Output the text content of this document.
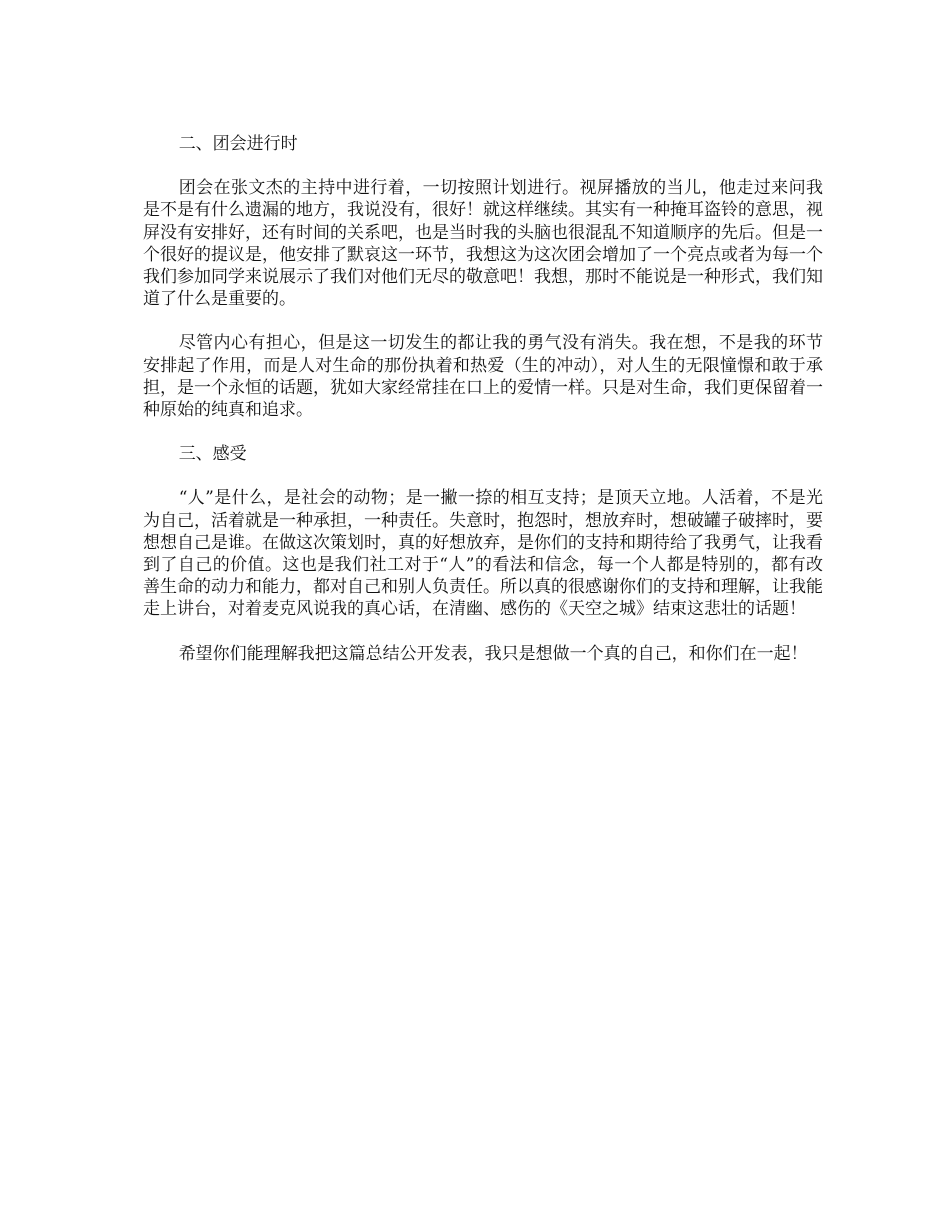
二、团会进行时

团会在张文杰的主持中进行着，一切按照计划进行。视屏播放的当儿，他走过来问我是不是有什么遗漏的地方，我说没有，很好！就这样继续。其实有一种掩耳盗铃的意思，视屏没有安排好，还有时间的关系吧，也是当时我的头脑也很混乱不知道顺序的先后。但是一个很好的提议是，他安排了默哀这一环节，我想这为这次团会增加了一个亮点或者为每一个我们参加同学来说展示了我们对他们无尽的敬意吧！我想，那时不能说是一种形式，我们知道了什么是重要的。

尽管内心有担心，但是这一切发生的都让我的勇气没有消失。我在想，不是我的环节安排起了作用，而是人对生命的那份执着和热爱（生的冲动），对人生的无限憧憬和敢于承担，是一个永恒的话题，犹如大家经常挂在口上的爱情一样。只是对生命，我们更保留着一种原始的纯真和追求。

三、感受

“人”是什么，是社会的动物；是一撇一捺的相互支持；是顶天立地。人活着，不是光为自己，活着就是一种承担，一种责任。失意时，抱怨时，想放弃时，想破罐子破摔时，要想想自己是谁。在做这次策划时，真的好想放弃，是你们的支持和期待给了我勇气，让我看到了自己的价值。这也是我们社工对于“人”的看法和信念，每一个人都是特别的，都有改善生命的动力和能力，都对自己和别人负责任。所以真的很感谢你们的支持和理解，让我能走上讲台，对着麦克风说我的真心话，在清幽、感伤的《天空之城》结束这悲壮的话题！

希望你们能理解我把这篇总结公开发表，我只是想做一个真的自己，和你们在一起！
